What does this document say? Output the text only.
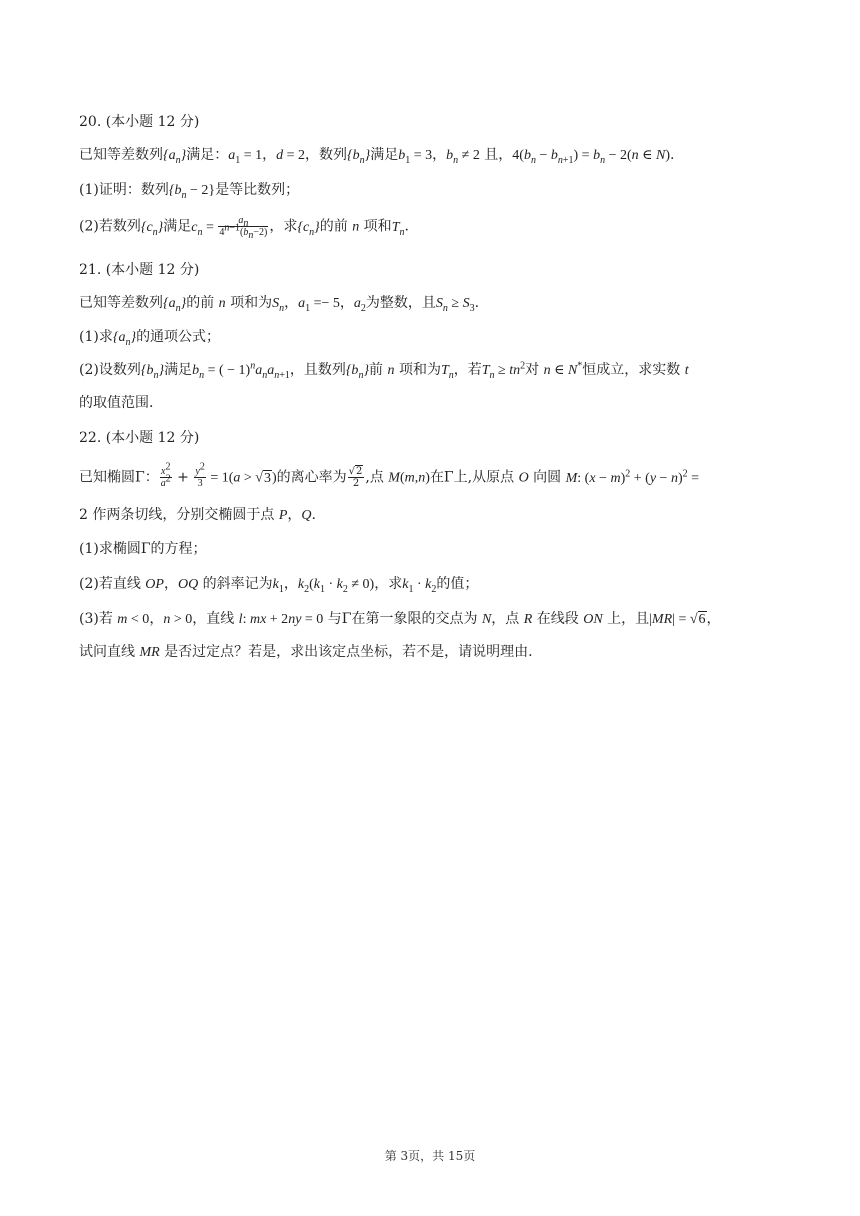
20. (本小题 12 分)
已知等差数列$\{a_n\}$满足：$a_1 = 1$，d = 2，数列$\{b_n\}$满足$b_1 = 3$，$b_n \ne 2$ 且，$4(b_n - b_{n+1}) = b_n - 2(n$ ∈ N).
(1)证明：数列$\{b_n - 2\}$是等比数列；
(2)若数列$\{c_n\}$满足$c_n = \frac{a_n}{4^{n-1}(b_n-2)}$ ，求$\{c_n\}$的前 n 项和$T_n$.
21. (本小题 12 分)
已知等差数列$\{a_n\}$的前 n 项和为$S_n$，$a_1 =- 5$，$a_2$为整数，且$S_n \ge S_3$.
(1)求$\{a_n\}$的通项公式；
(2)设数列$\{b_n\}$满足$b_n$ = ( − $1)^na_na_{n+1}$，且数列$\{b_n\}$前 n 项和为$T_n$，若$T_n \ge tn^2$对 n ∈ N*恒成立，求实数 t
的取值范围.
22. (本小题 12 分)
已知椭圆Γ： $\frac{x^2}{a^2} + \frac{y^2}{3} = 1(a > √3)$的离心率为 $\frac{√2}{2}$ ,点 M(m,n)在Γ上,从原点 O 向圆 M: $(x - m)^2 + (y - n)^2$ =
2 作两条切线，分别交椭圆于点 P，Q.
(1)求椭圆Γ的方程；
(2)若直线 OP，OQ 的斜率记为$k_1$，$k_2(k_1 \cdot k_2 \ne 0)$，求$k_1 \cdot k_2$的值；
(3)若 m < 0，n > 0，直线 l: mx + 2ny = 0 与Γ在第一象限的交点为 N，点 R 在线段 ON 上，且|MR| = √6，
试问直线 MR 是否过定点？若是，求出该定点坐标，若不是，请说明理由.
第 3页，共 15页
